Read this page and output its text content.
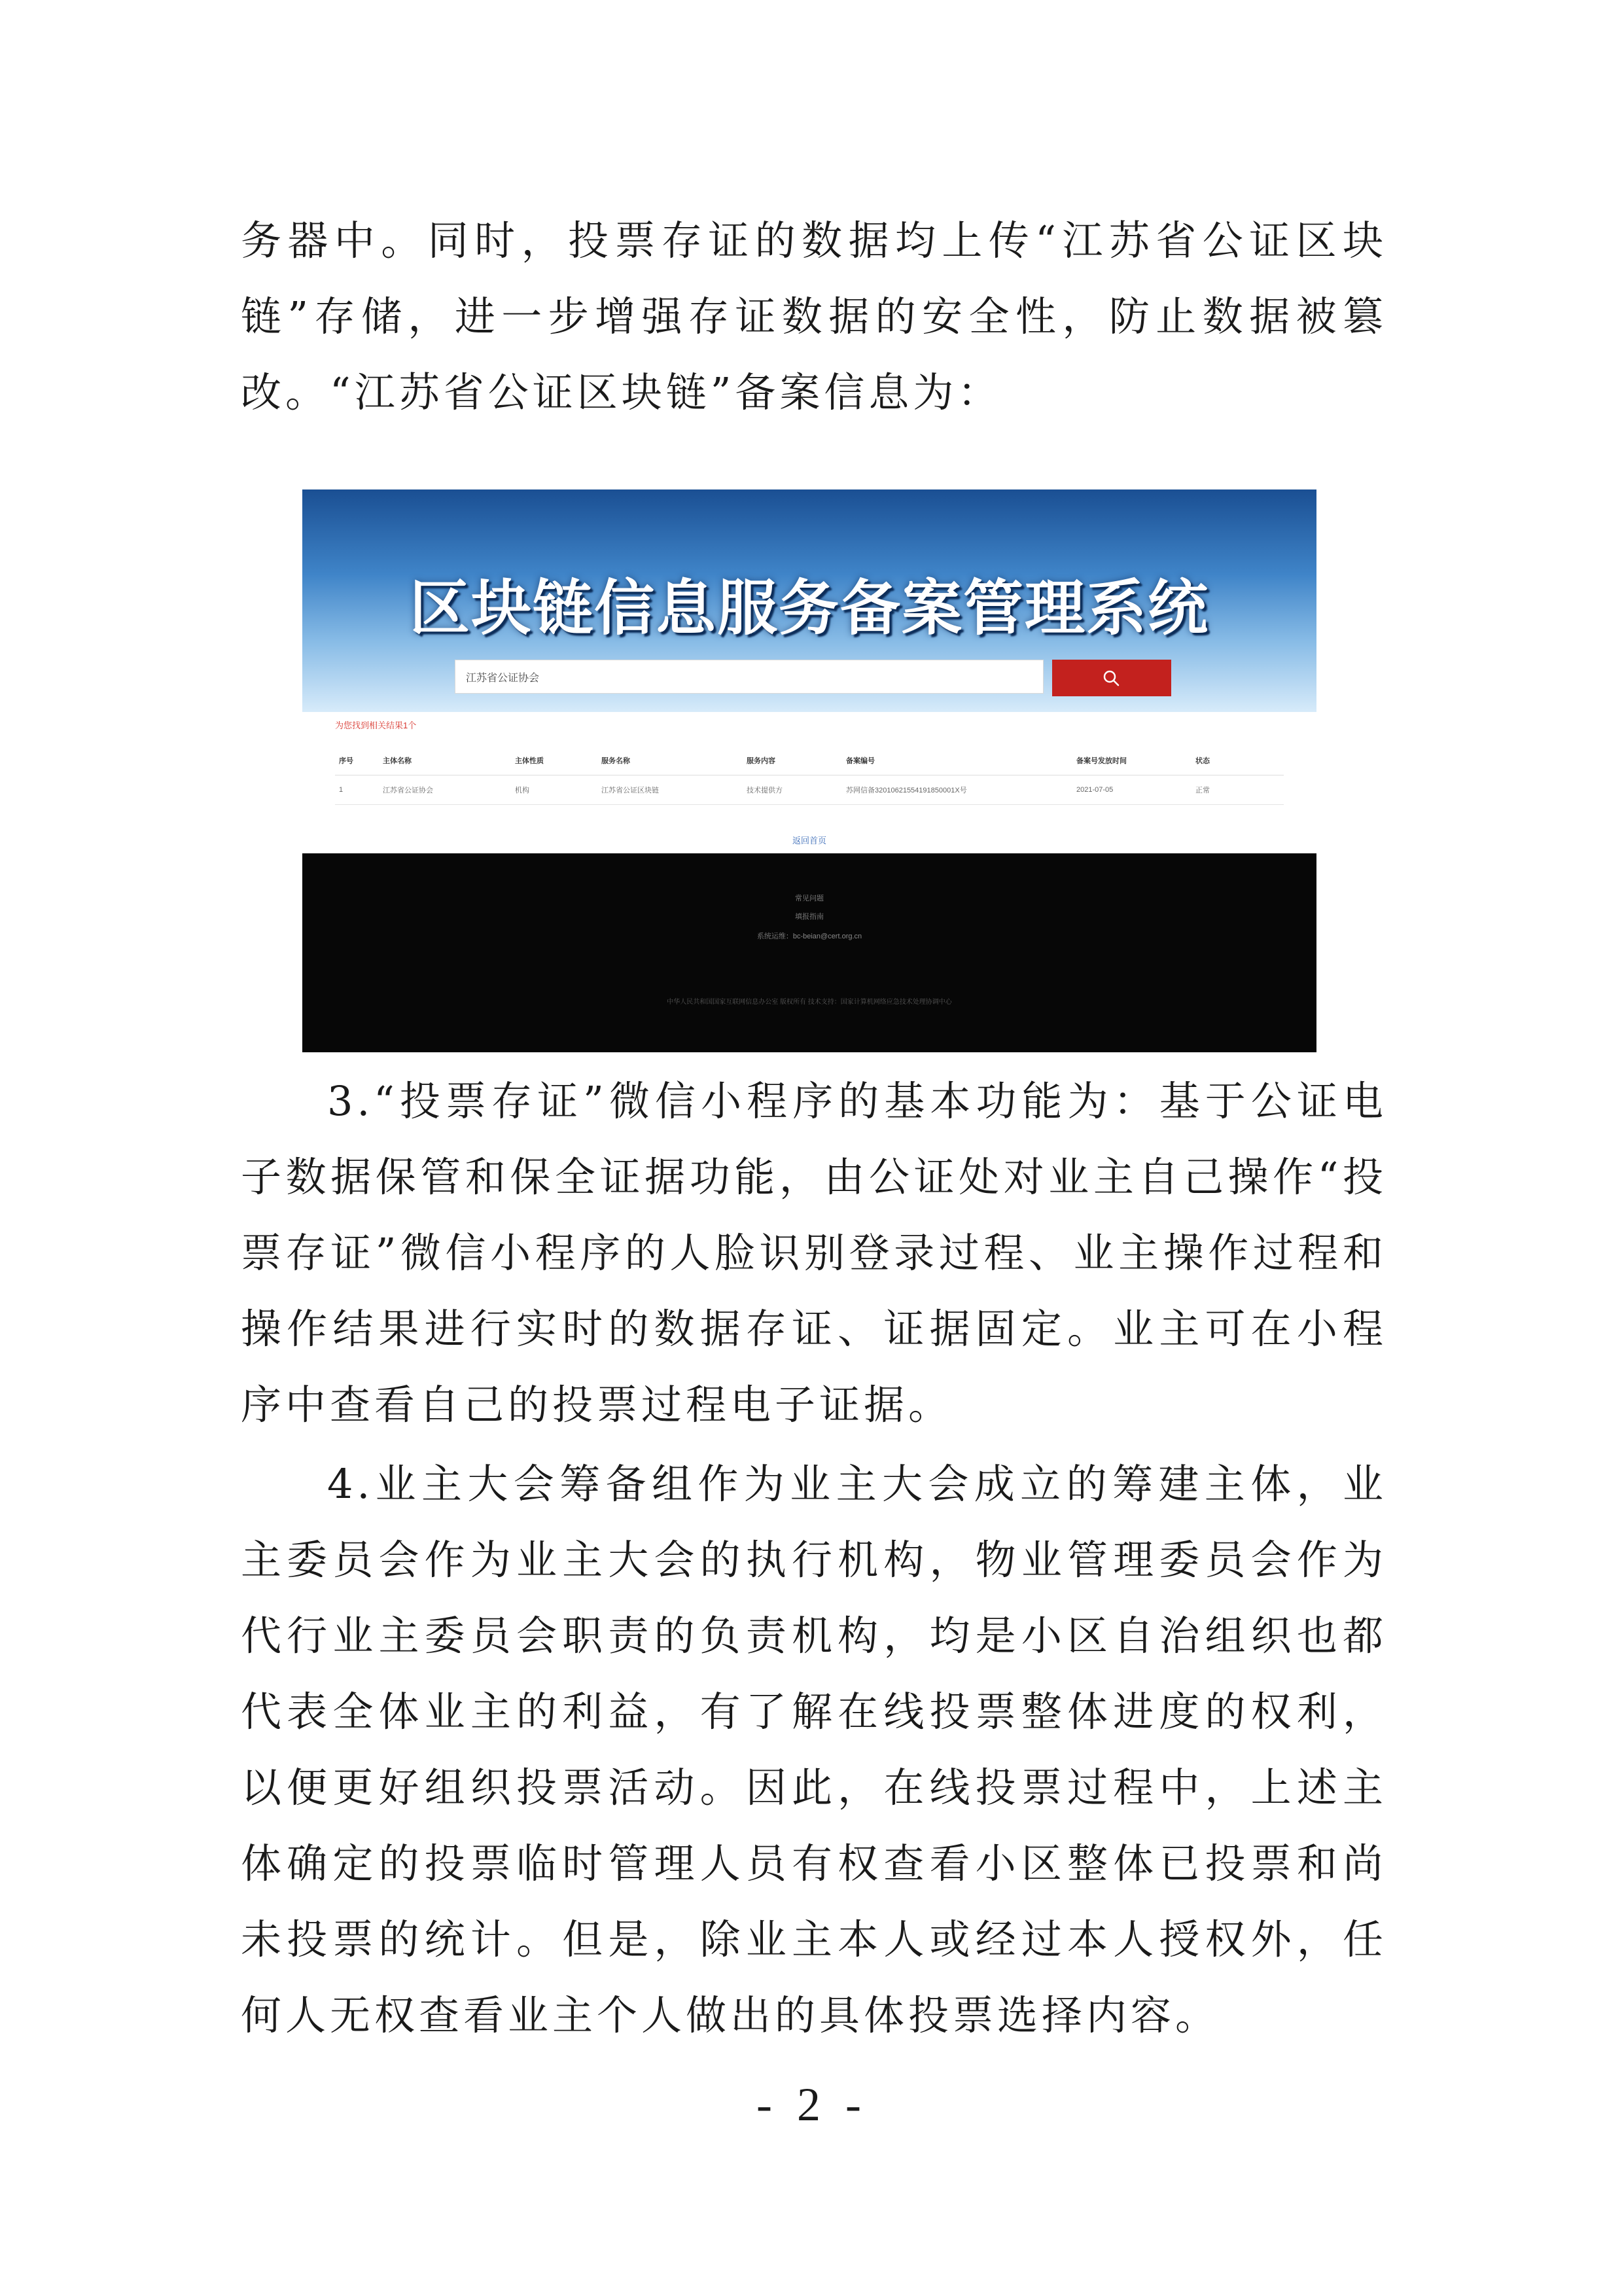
务器中。同时，投票存证的数据均上传“江苏省公证区块链”存储，进一步增强存证数据的安全性，防止数据被篡改。“江苏省公证区块链”备案信息为：

区块链信息服务备案管理系统
江苏省公证协会
为您找到相关结果1个
序号	主体名称	主体性质	服务名称	服务内容	备案编号	备案号发放时间	状态
1	江苏省公证协会	机构	江苏省公证区块链	技术提供方	苏网信备32010621554191850001X号	2021-07-05	正常
返回首页
常见问题
填报指南
系统运维：bc-beian@cert.org.cn
中华人民共和国国家互联网信息办公室 版权所有 技术支持：国家计算机网络应急技术处理协调中心

3.“投票存证”微信小程序的基本功能为：基于公证电子数据保管和保全证据功能，由公证处对业主自己操作“投票存证”微信小程序的人脸识别登录过程、业主操作过程和操作结果进行实时的数据存证、证据固定。业主可在小程序中查看自己的投票过程电子证据。

4.业主大会筹备组作为业主大会成立的筹建主体，业主委员会作为业主大会的执行机构，物业管理委员会作为代行业主委员会职责的负责机构，均是小区自治组织也都代表全体业主的利益，有了解在线投票整体进度的权利，以便更好组织投票活动。因此，在线投票过程中，上述主体确定的投票临时管理人员有权查看小区整体已投票和尚未投票的统计。但是，除业主本人或经过本人授权外，任何人无权查看业主个人做出的具体投票选择内容。

- 2 -
